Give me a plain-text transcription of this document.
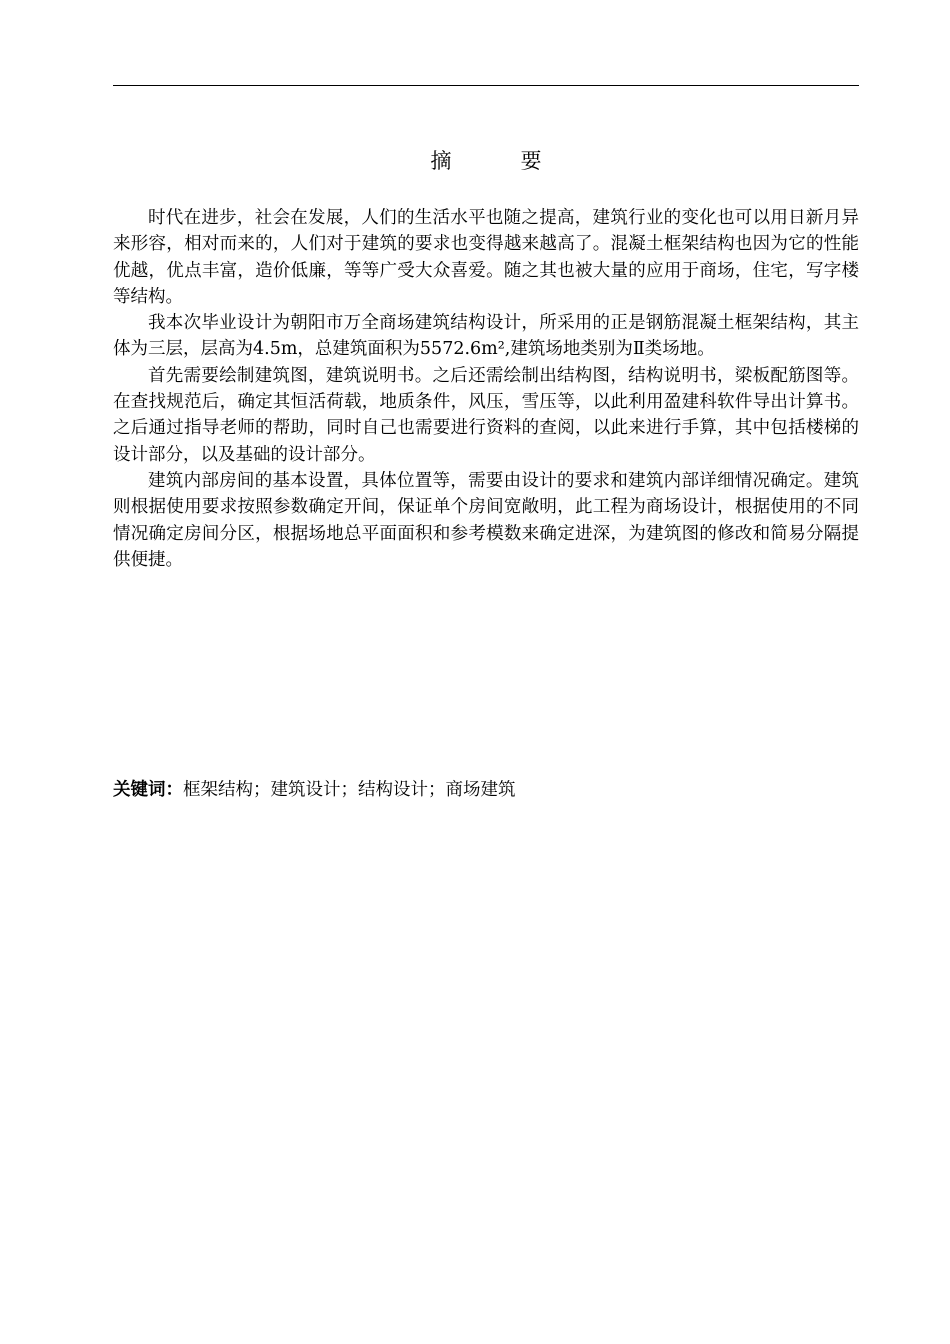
摘　要

时代在进步，社会在发展，人们的生活水平也随之提高，建筑行业的变化也可以用日新月异来形容，相对而来的，人们对于建筑的要求也变得越来越高了。混凝土框架结构也因为它的性能优越，优点丰富，造价低廉，等等广受大众喜爱。随之其也被大量的应用于商场，住宅，写字楼等结构。

我本次毕业设计为朝阳市万全商场建筑结构设计，所采用的正是钢筋混凝土框架结构，其主体为三层，层高为4.5m，总建筑面积为5572.6m²,建筑场地类别为Ⅱ类场地。

首先需要绘制建筑图，建筑说明书。之后还需绘制出结构图，结构说明书，梁板配筋图等。在查找规范后，确定其恒活荷载，地质条件，风压，雪压等，以此利用盈建科软件导出计算书。之后通过指导老师的帮助，同时自己也需要进行资料的查阅，以此来进行手算，其中包括楼梯的设计部分，以及基础的设计部分。

建筑内部房间的基本设置，具体位置等，需要由设计的要求和建筑内部详细情况确定。建筑则根据使用要求按照参数确定开间，保证单个房间宽敞明，此工程为商场设计，根据使用的不同情况确定房间分区，根据场地总平面面积和参考模数来确定进深，为建筑图的修改和简易分隔提供便捷。

关键词：框架结构；建筑设计；结构设计；商场建筑
